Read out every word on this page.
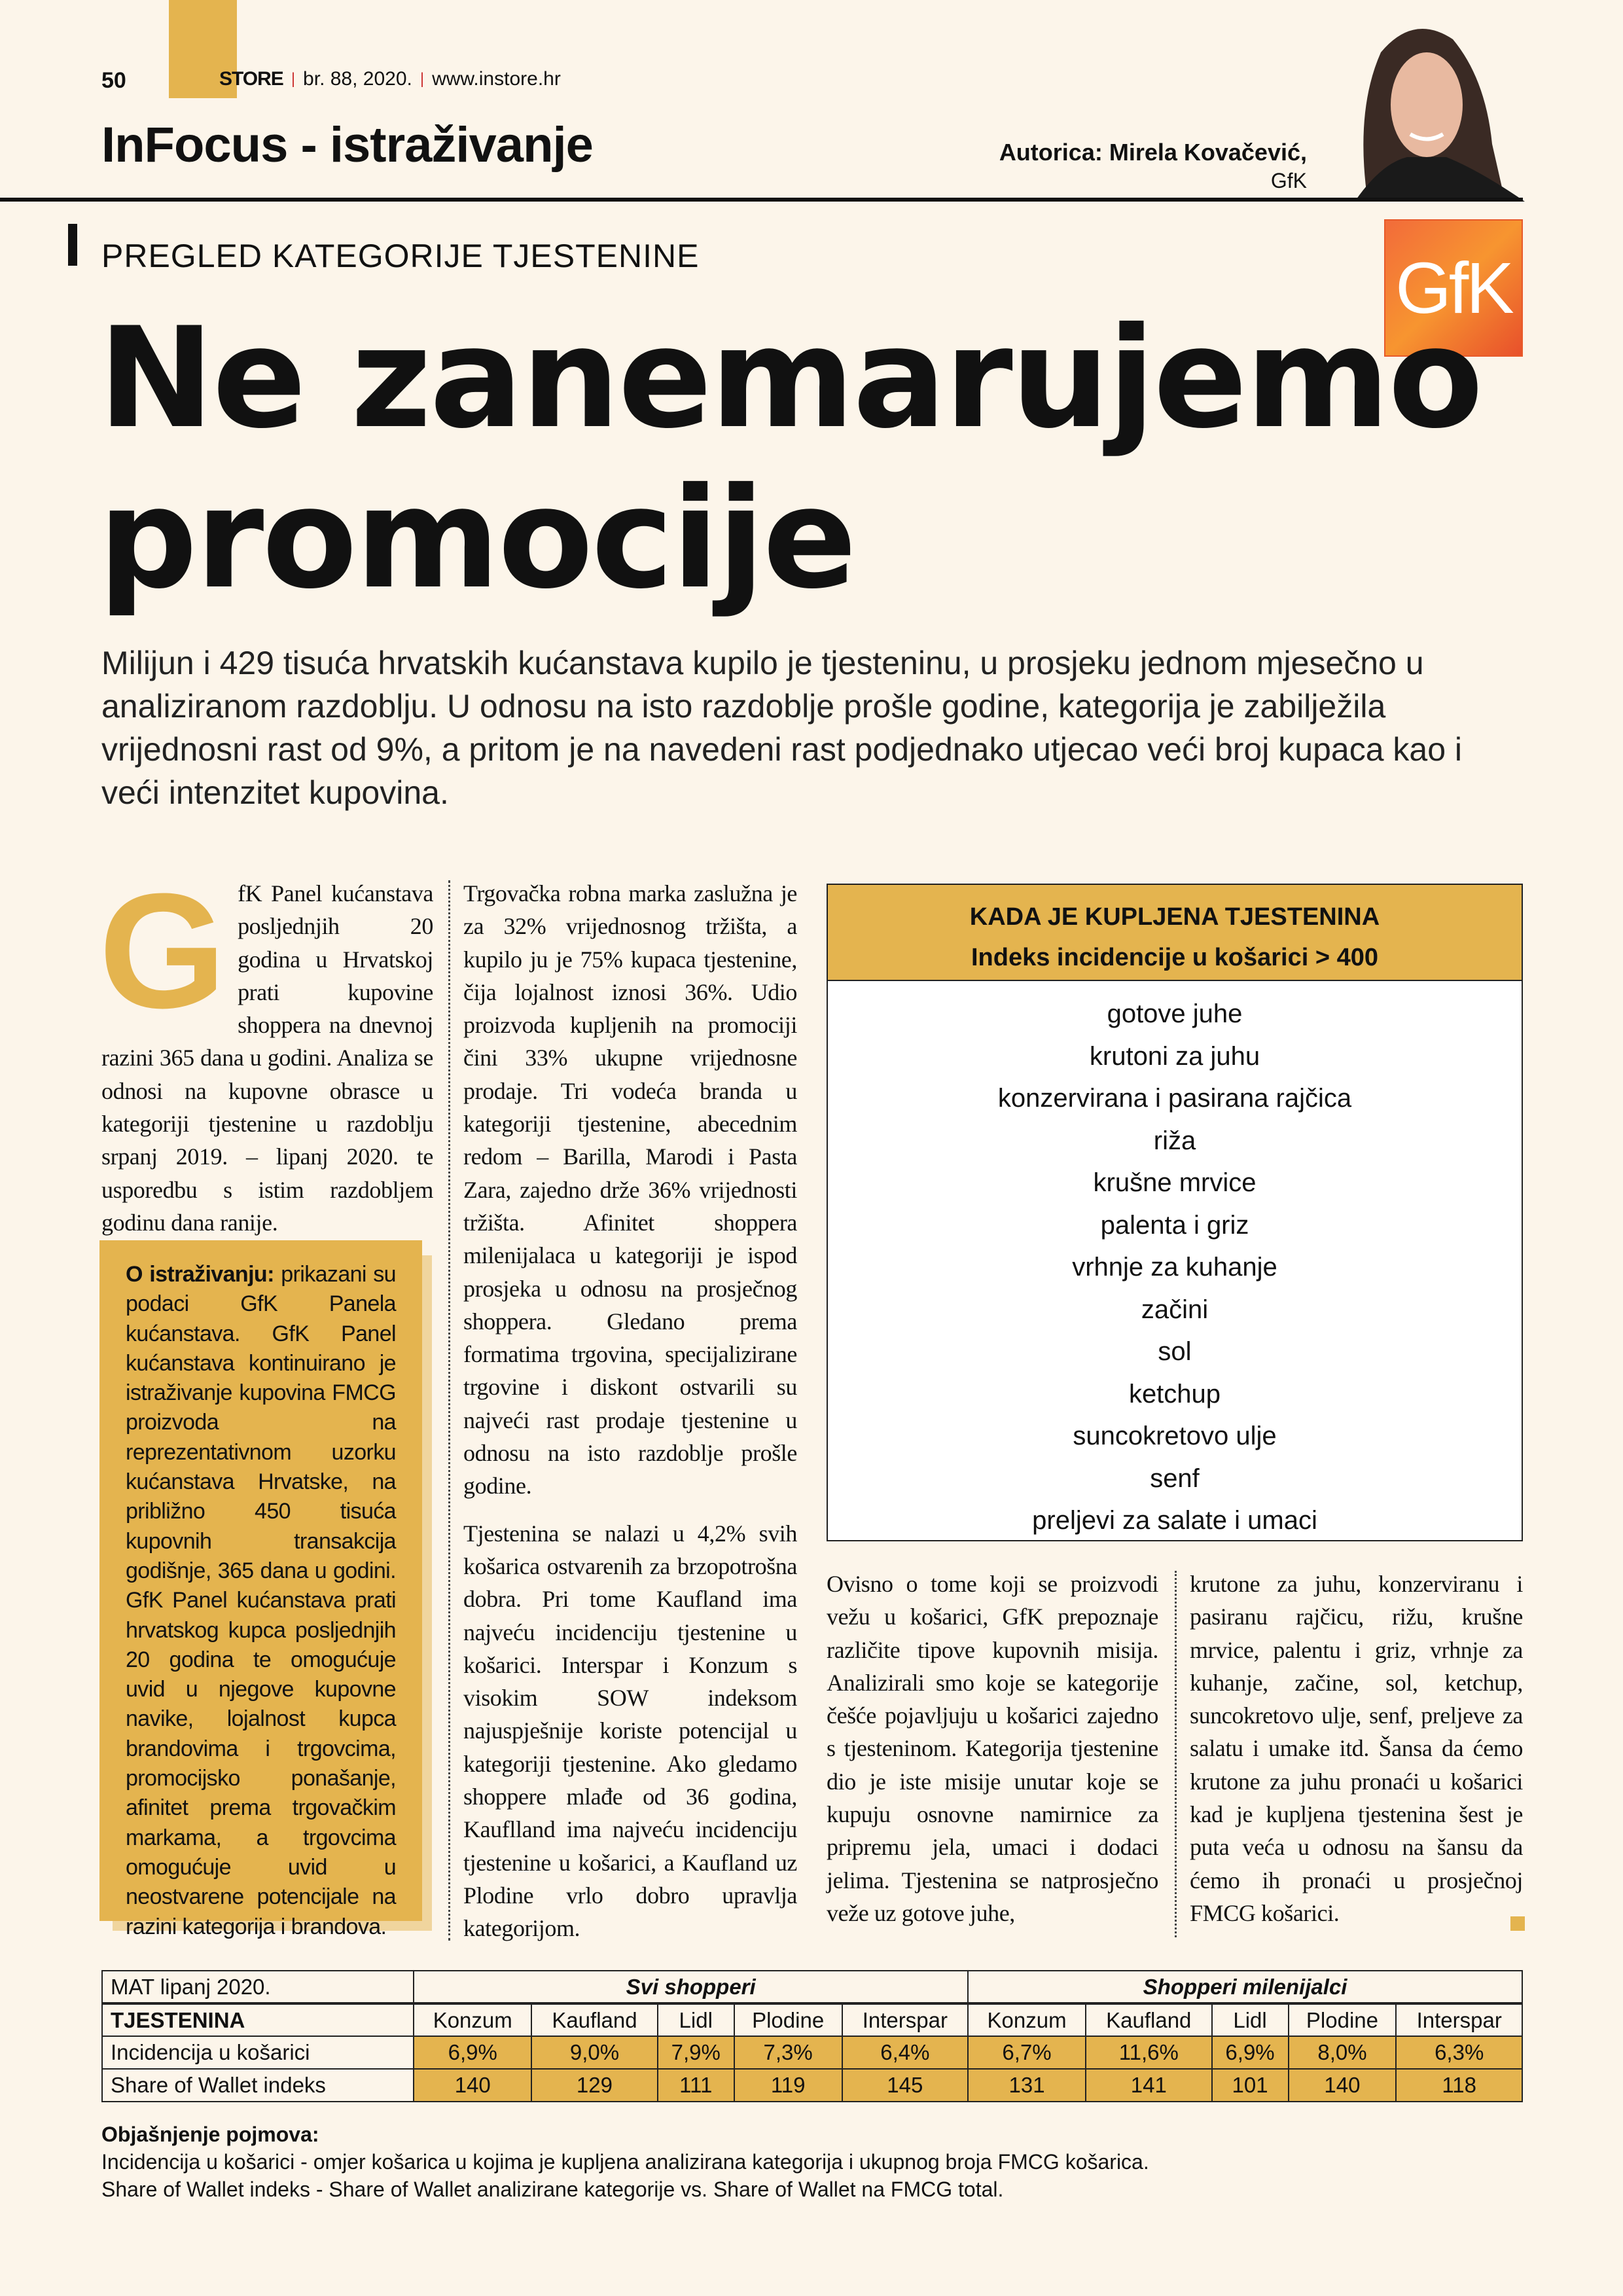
50	STORE | br. 88, 2020. | www.instore.hr
InFocus - istraživanje	Autorica: Mirela Kovačević,
GfK
PREGLED KATEGORIJE TJESTENINE	GfK
Ne zanemarujemo
promocije
Milijun i 429 tisuća hrvatskih kućanstava kupilo je tjesteninu, u prosjeku jednom mjesečno u analiziranom razdoblju. U odnosu na isto razdoblje prošle godine, kategorija je zabilježila vrijednosni rast od 9%, a pritom je na navedeni rast podjednako utjecao veći broj kupaca kao i veći intenzitet kupovina.
GfK Panel kućanstava posljednjih 20 godina u Hrvatskoj prati kupovine shoppera na dnevnoj razini 365 dana u godini. Analiza se odnosi na kupovne obrasce u kategoriji tjestenine u razdoblju srpanj 2019. – lipanj 2020. te usporedbu s istim razdobljem godinu dana ranije.
O istraživanju: prikazani su podaci GfK Panela kućanstava. GfK Panel kućanstava kontinuirano je istraživanje kupovina FMCG proizvoda na reprezentativnom uzorku kućanstava Hrvatske, na približno 450 tisuća kupovnih transakcija godišnje, 365 dana u godini. GfK Panel kućanstava prati hrvatskog kupca posljednjih 20 godina te omogućuje uvid u njegove kupovne navike, lojalnost kupca brandovima i trgovcima, promocijsko ponašanje, afinitet prema trgovačkim markama, a trgovcima omogućuje uvid u neostvarene potencijale na razini kategorija i brandova.

Trgovačka robna marka zaslužna je za 32% vrijednosnog tržišta, a kupilo ju je 75% kupaca tjestenine, čija lojalnost iznosi 36%. Udio proizvoda kupljenih na promociji čini 33% ukupne vrijednosne prodaje. Tri vodeća branda u kategoriji tjestenine, abecednim redom – Barilla, Marodi i Pasta Zara, zajedno drže 36% vrijednosti tržišta. Afinitet shoppera milenijalaca u kategoriji je ispod prosjeka u odnosu na prosječnog shoppera. Gledano prema formatima trgovina, specijalizirane trgovine i diskont ostvarili su najveći rast prodaje tjestenine u odnosu na isto razdoblje prošle godine.

Tjestenina se nalazi u 4,2% svih košarica ostvarenih za brzopotrošna dobra. Pri tome Kaufland ima najveću incidenciju tjestenine u košarici. Interspar i Konzum s visokim SOW indeksom najuspješnije koriste potencijal u kategoriji tjestenine. Ako gledamo shoppere mlađe od 36 godina, Kauflland ima najveću incidenciju tjestenine u košarici, a Kaufland uz Plodine vrlo dobro upravlja kategorijom.

KADA JE KUPLJENA TJESTENINA
Indeks incidencije u košarici > 400
gotove juhe
krutoni za juhu
konzervirana i pasirana rajčica
riža
krušne mrvice
palenta i griz
vrhnje za kuhanje
začini
sol
ketchup
suncokretovo ulje
senf
preljevi za salate i umaci
Ovisno o tome koji se proizvodi vežu u košarici, GfK prepoznaje različite tipove kupovnih misija. Analizirali smo koje se kategorije češće pojavljuju u košarici zajedno s tjesteninom. Kategorija tjestenine dio je iste misije unutar koje se kupuju osnovne namirnice za pripremu jela, umaci i dodaci jelima. Tjestenina se natprosječno veže uz gotove juhe,
krutone za juhu, konzerviranu i pasiranu rajčicu, rižu, krušne mrvice, palentu i griz, vrhnje za kuhanje, začine, sol, ketchup, suncokretovo ulje, senf, preljeve za salatu i umake itd. Šansa da ćemo krutone za juhu pronaći u košarici kad je kupljena tjestenina šest je puta veća u odnosu na šansu da ćemo ih pronaći u prosječnoj FMCG košarici.
MAT lipanj 2020.	Svi shopperi					Shopperi milenijalci				
TJESTENINA	Konzum	Kaufland	Lidl	Plodine	Interspar	Konzum	Kaufland	Lidl	Plodine	Interspar
Incidencija u košarici	6,9%	9,0%	7,9%	7,3%	6,4%	6,7%	11,6%	6,9%	8,0%	6,3%
Share of Wallet indeks	140	129	111	119	145	131	141	101	140	118
Objašnjenje pojmova:
Incidencija u košarici - omjer košarica u kojima je kupljena analizirana kategorija i ukupnog broja FMCG košarica.
Share of Wallet indeks - Share of Wallet analizirane kategorije vs. Share of Wallet na FMCG total.
